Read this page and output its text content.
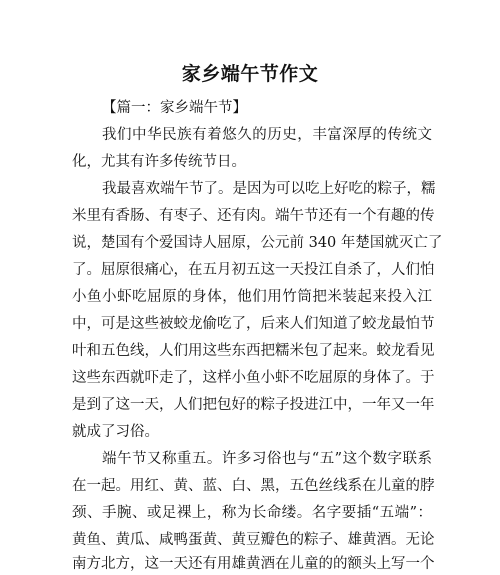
家乡端午节作文
【篇一：家乡端午节】
我们中华民族有着悠久的历史，丰富深厚的传统文
化，尤其有许多传统节日。
我最喜欢端午节了。是因为可以吃上好吃的粽子，糯
米里有香肠、有枣子、还有肉。端午节还有一个有趣的传
说，楚国有个爱国诗人屈原，公元前 340 年楚国就灭亡了
了。屈原很痛心，在五月初五这一天投江自杀了，人们怕
小鱼小虾吃屈原的身体，他们用竹筒把米装起来投入江
中，可是这些被蛟龙偷吃了，后来人们知道了蛟龙最怕节
叶和五色线，人们用这些东西把糯米包了起来。蛟龙看见
这些东西就吓走了，这样小鱼小虾不吃屈原的身体了。于
是到了这一天，人们把包好的粽子投进江中，一年又一年
就成了习俗。
端午节又称重五。许多习俗也与“五”这个数字联系
在一起。用红、黄、蓝、白、黑，五色丝线系在儿童的脖
颈、手腕、或足裸上，称为长命缕。名字要插“五端”：
黄鱼、黄瓜、咸鸭蛋黄、黄豆瓣色的粽子、雄黄酒。无论
南方北方，这一天还有用雄黄酒在儿童的的额头上写一个
